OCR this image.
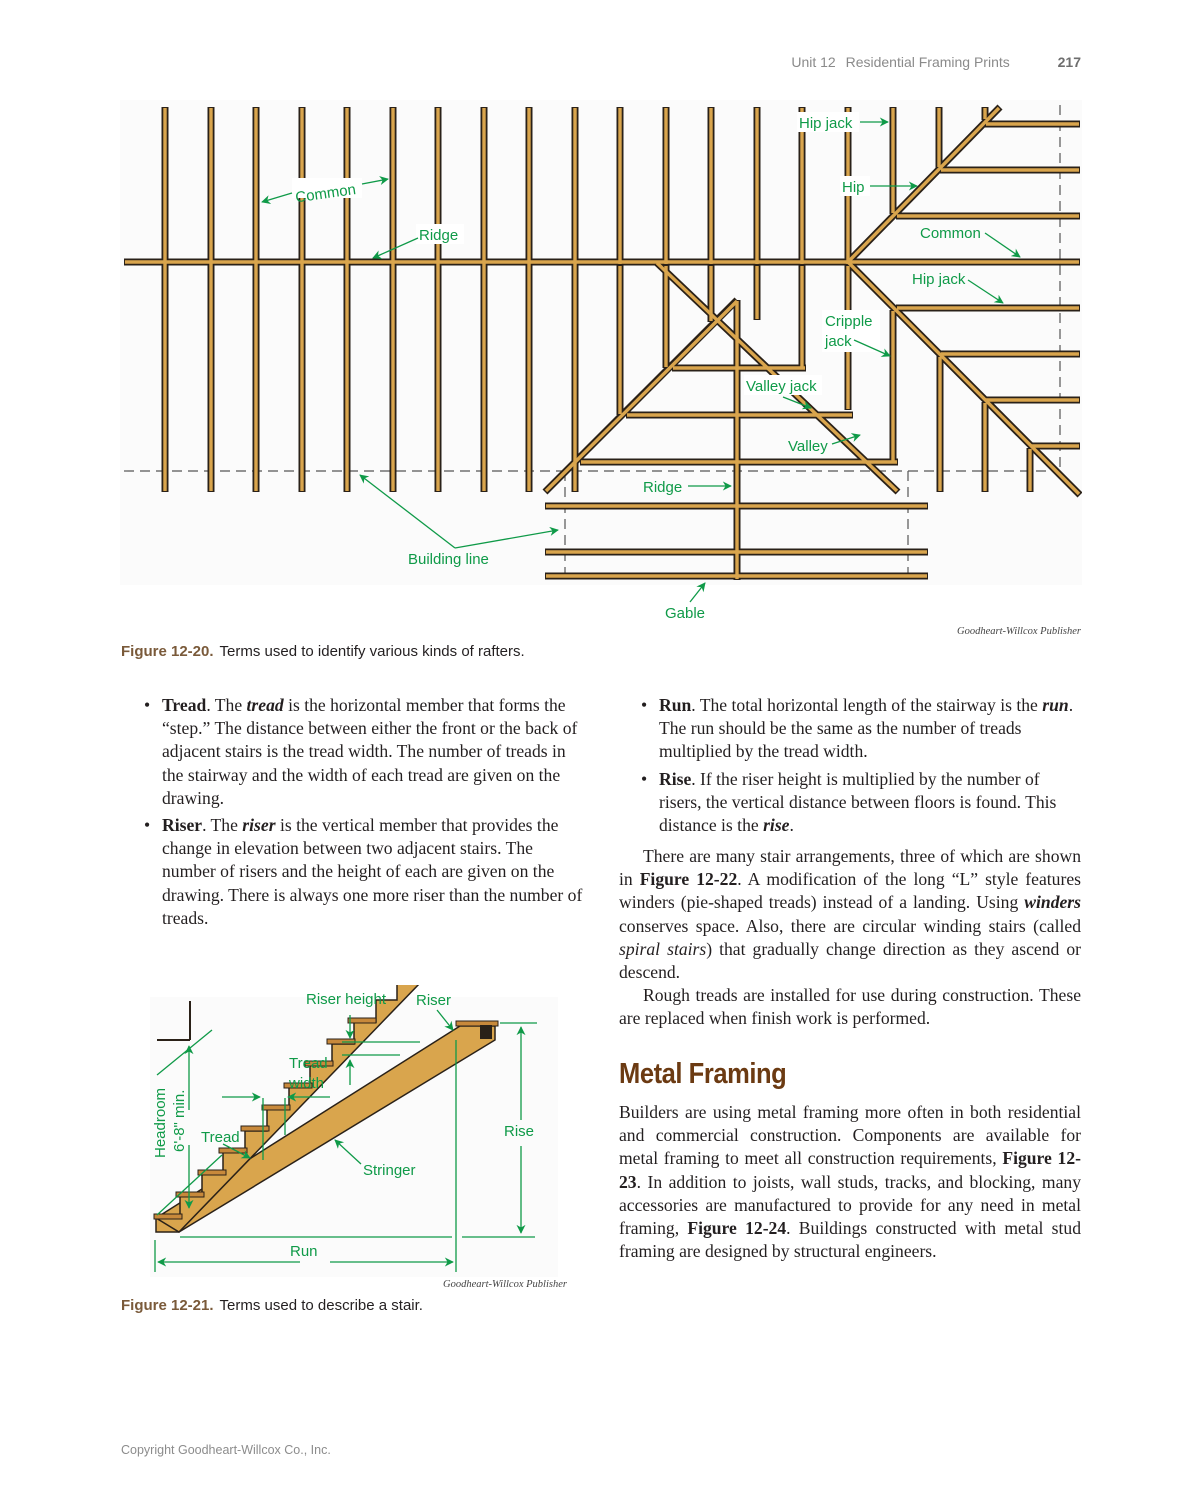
Unit 12 Residential Framing Prints	217
Common
Ridge
Hip jack
Hip
Common
Hip jack
Cripple
jack
Valley jack
Valley
Ridge
Building line
Gable
Goodheart-Willcox Publisher
Figure 12-20. Terms used to identify various kinds of rafters.
• Tread. The tread is the horizontal member that forms the “step.” The distance between either the front or the back of adjacent stairs is the tread width. The number of treads in the stairway and the width of each tread are given on the drawing.
• Riser. The riser is the vertical member that provides the change in elevation between two adjacent stairs. The number of risers and the height of each are given on the drawing. There is always one more riser than the number of treads.
Riser height Riser
Tread
width
Tread	Rise
Stringer
Run
Headroom 6'-8" min.
Goodheart-Willcox Publisher
Figure 12-21. Terms used to describe a stair.
• Run. The total horizontal length of the stairway is the run. The run should be the same as the number of treads multiplied by the tread width.
• Rise. If the riser height is multiplied by the number of risers, the vertical distance between floors is found. This distance is the rise.

There are many stair arrangements, three of which are shown in Figure 12-22. A modification of the long “L” style features winders (pie-shaped treads) instead of a landing. Using winders conserves space. Also, there are circular winding stairs (called spiral stairs) that gradually change direction as they ascend or descend.

Rough treads are installed for use during construction. These are replaced when finish work is performed.

Metal Framing

Builders are using metal framing more often in both residential and commercial construction. Components are available for metal framing to meet all construction requirements, Figure 12-23. In addition to joists, wall studs, tracks, and blocking, many accessories are manufactured to provide for any need in metal framing, Figure 12-24. Buildings constructed with metal stud framing are designed by structural engineers.

Copyright Goodheart-Willcox Co., Inc.
